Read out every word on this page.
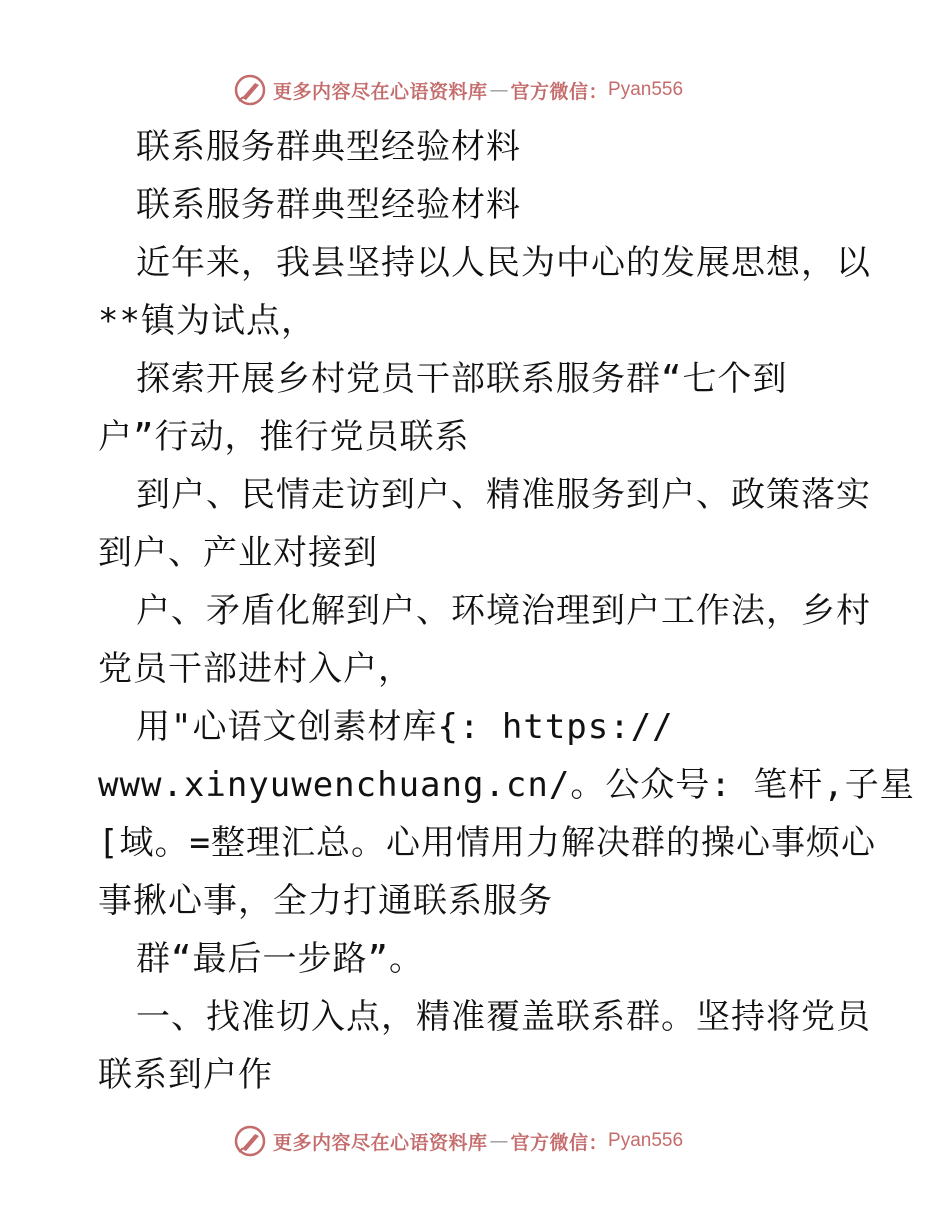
更多内容尽在心语资料库 — 官方微信： Pyan556
联系服务群典型经验材料
联系服务群典型经验材料
近年来，我县坚持以人民为中心的发展思想，以
**镇为试点，
探索开展乡村党员干部联系服务群“七个到
户”行动，推行党员联系
到户、民情走访到户、精准服务到户、政策落实
到户、产业对接到
户、矛盾化解到户、环境治理到户工作法，乡村
党员干部进村入户，
用"心语文创素材库{: https://
www.xinyuwenchuang.cn/。公众号: 笔杆,子星
[域。=整理汇总。心用情用力解决群的操心事烦心
事揪心事，全力打通联系服务
群“最后一步路”。
一、找准切入点，精准覆盖联系群。坚持将党员
联系到户作
更多内容尽在心语资料库 — 官方微信： Pyan556
